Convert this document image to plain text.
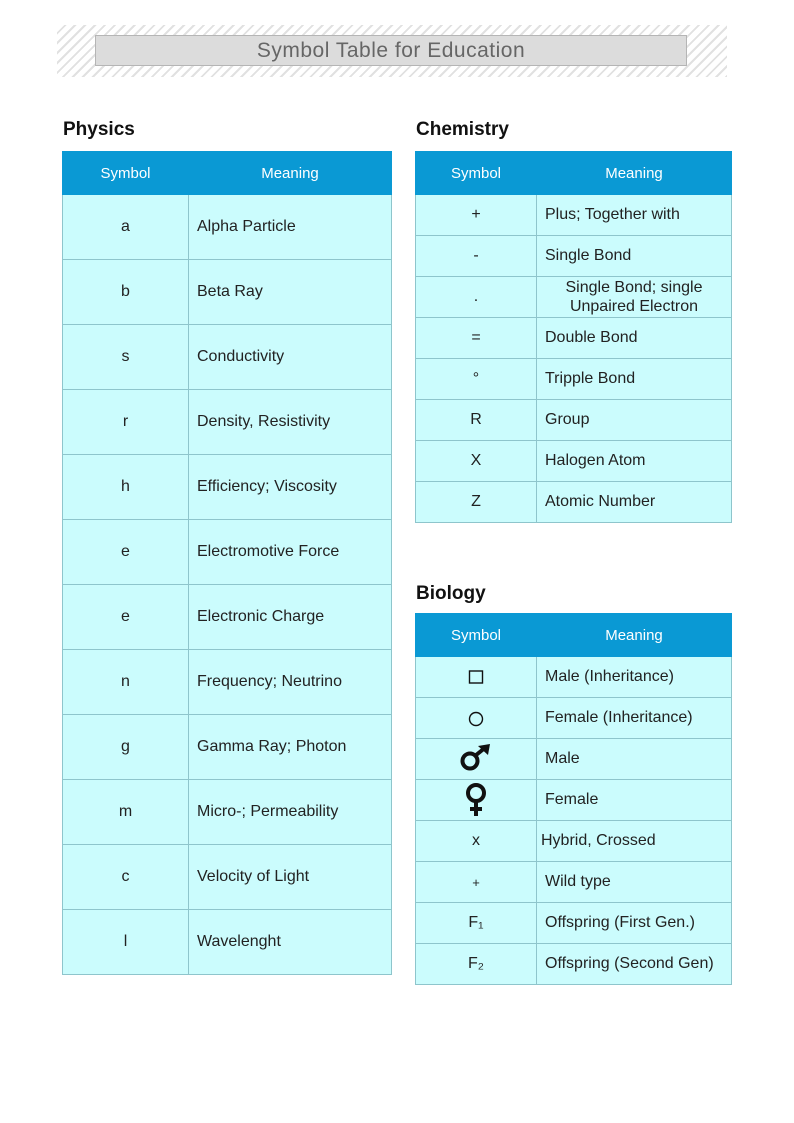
Symbol Table for Education
Physics
Symbol	Meaning
a	Alpha Particle
b	Beta Ray
s	Conductivity
r	Density, Resistivity
h	Efficiency; Viscosity
e	Electromotive Force
e	Electronic Charge
n	Frequency; Neutrino
g	Gamma Ray; Photon
m	Micro-; Permeability
c	Velocity of Light
l	Wavelenght
Chemistry
Symbol	Meaning
+	Plus; Together with
-	Single Bond
.	Single Bond; single Unpaired Electron
=	Double Bond
°	Tripple Bond
R	Group
X	Halogen Atom
Z	Atomic Number
Biology
Symbol	Meaning
	Male (Inheritance)
	Female (Inheritance)
	Male
	Female
x	Hybrid, Crossed
+	Wild type
F₁	Offspring (First Gen.)
F₂	Offspring (Second Gen)
